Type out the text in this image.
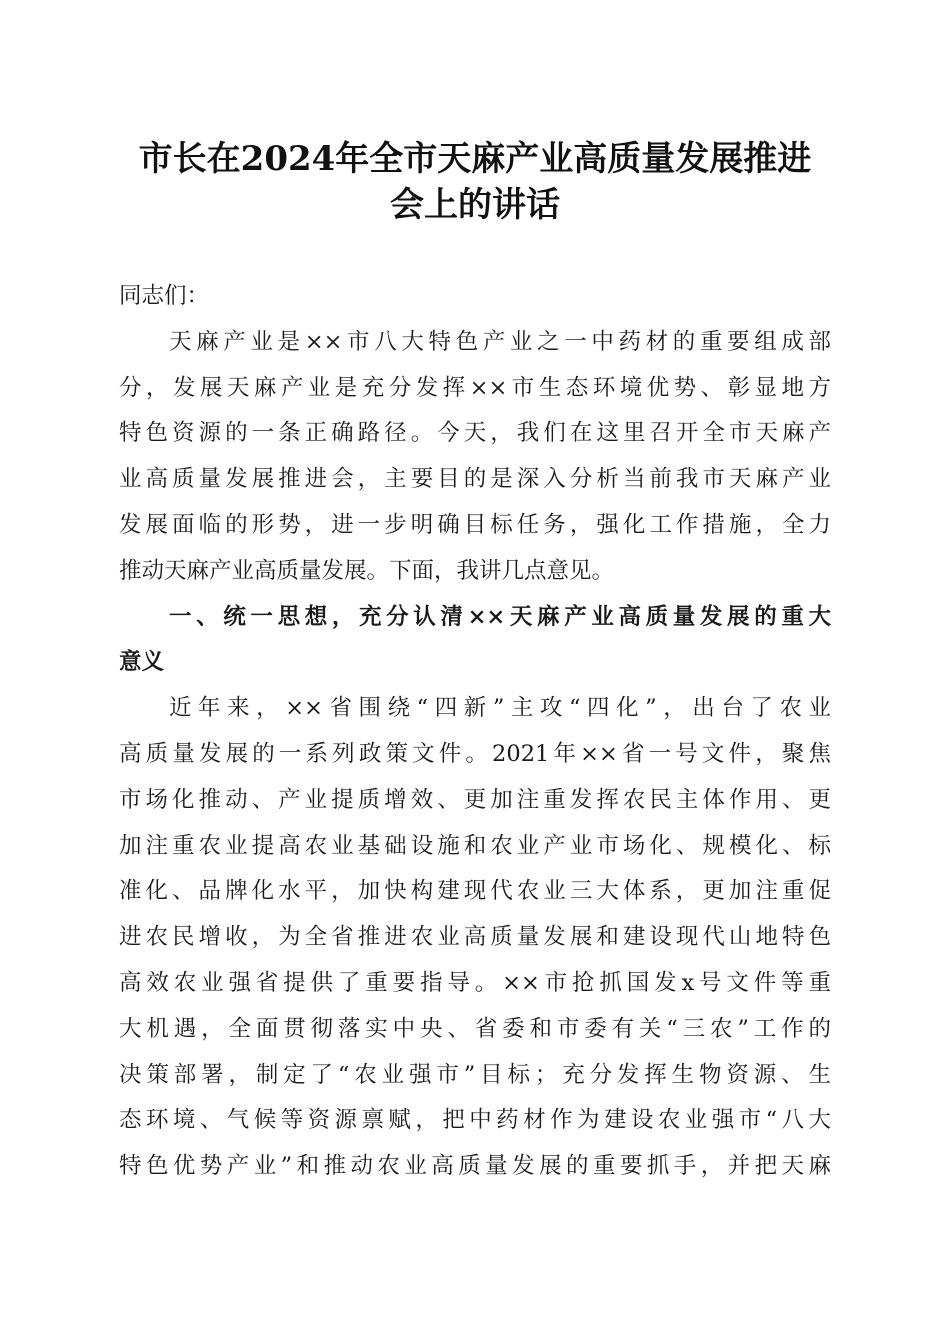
市长在2024年全市天麻产业高质量发展推进
会上的讲话
同志们：
天麻产业是××市八大特色产业之一中药材的重要组成部
分，发展天麻产业是充分发挥××市生态环境优势、彰显地方
特色资源的一条正确路径。今天，我们在这里召开全市天麻产
业高质量发展推进会，主要目的是深入分析当前我市天麻产业
发展面临的形势，进一步明确目标任务，强化工作措施，全力
推动天麻产业高质量发展。下面，我讲几点意见。
一、统一思想，充分认清××天麻产业高质量发展的重大
意义
近年来，××省围绕“四新”主攻“四化”，出台了农业
高质量发展的一系列政策文件。2021年××省一号文件，聚焦
市场化推动、产业提质增效、更加注重发挥农民主体作用、更
加注重农业提高农业基础设施和农业产业市场化、规模化、标
准化、品牌化水平，加快构建现代农业三大体系，更加注重促
进农民增收，为全省推进农业高质量发展和建设现代山地特色
高效农业强省提供了重要指导。××市抢抓国发x号文件等重
大机遇，全面贯彻落实中央、省委和市委有关“三农”工作的
决策部署，制定了“农业强市”目标；充分发挥生物资源、生
态环境、气候等资源禀赋，把中药材作为建设农业强市“八大
特色优势产业”和推动农业高质量发展的重要抓手，并把天麻
